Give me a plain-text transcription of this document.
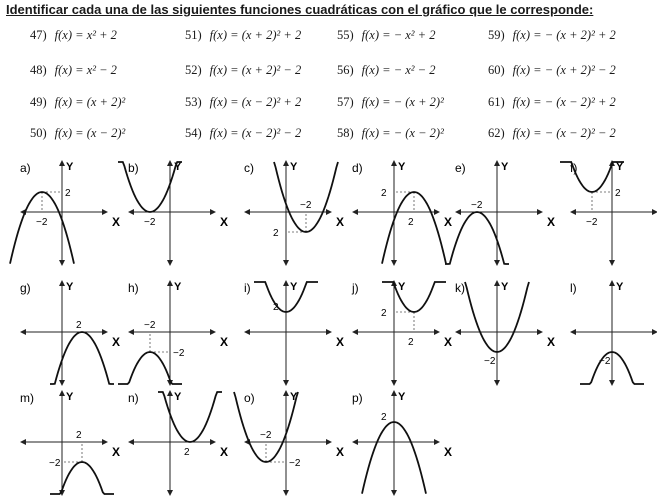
Identificar cada una de las siguientes funciones cuadráticas con el gráfico que le corresponde:
47) f(x) = x² + 2
48) f(x) = x² − 2
49) f(x) = (x + 2)²
50) f(x) = (x − 2)²
51) f(x) = (x + 2)² + 2
52) f(x) = (x + 2)² − 2
53) f(x) = (x − 2)² + 2
54) f(x) = (x − 2)² − 2
55) f(x) = − x² + 2
56) f(x) = − x² − 2
57) f(x) = − (x + 2)²
58) f(x) = − (x − 2)²
59) f(x) = − (x + 2)² + 2
60) f(x) = − (x + 2)² − 2
61) f(x) = − (x − 2)² + 2
62) f(x) = − (x − 2)² − 2
a)
X
Y
2
−2
b)
X
Y
−2
c)
X
Y
2
−2
d)
X
Y
2
2
e)
X
Y
−2
f)	Y
2
−2
g)
X
Y
2
h)
X
Y
−2
−2
i)
X
Y
2
j)
X
Y
2
2
k)
X
Y
−2
l)	Y
−2
m)
X
Y
−2
2
n)
X
Y
2
o)
X
Y
−2
−2
p)
X
Y
2
